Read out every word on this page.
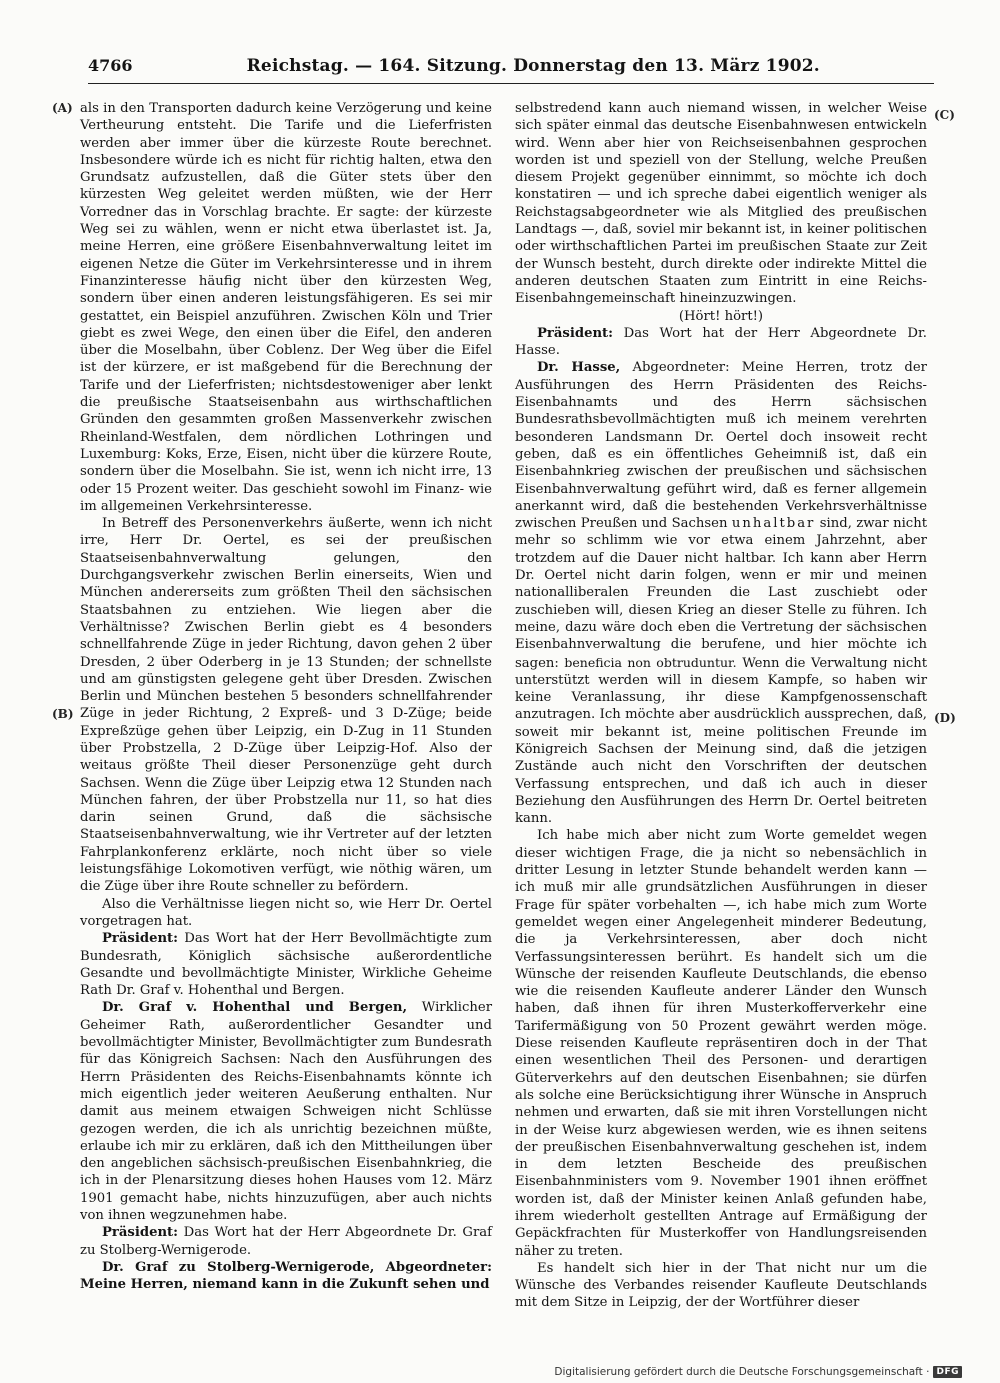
4766	Reichstag. — 164. Sitzung. Donnerstag den 13. März 1902.
(A)
(B)
(C)
(D)

als in den Transporten dadurch keine Verzögerung und keine Vertheurung entsteht. Die Tarife und die Lieferfristen werden aber immer über die kürzeste Route berechnet. Insbesondere würde ich es nicht für richtig halten, etwa den Grundsatz aufzustellen, daß die Güter stets über den kürzesten Weg geleitet werden müßten, wie der Herr Vorredner das in Vorschlag brachte. Er sagte: der kürzeste Weg sei zu wählen, wenn er nicht etwa überlastet ist. Ja, meine Herren, eine größere Eisenbahnverwaltung leitet im eigenen Netze die Güter im Verkehrsinteresse und in ihrem Finanzinteresse häufig nicht über den kürzesten Weg, sondern über einen anderen leistungsfähigeren. Es sei mir gestattet, ein Beispiel anzuführen. Zwischen Köln und Trier giebt es zwei Wege, den einen über die Eifel, den anderen über die Moselbahn, über Coblenz. Der Weg über die Eifel ist der kürzere, er ist maßgebend für die Berechnung der Tarife und der Lieferfristen; nichtsdestoweniger aber lenkt die preußische Staatseisenbahn aus wirthschaftlichen Gründen den gesammten großen Massenverkehr zwischen Rheinland-Westfalen, dem nördlichen Lothringen und Luxemburg: Koks, Erze, Eisen, nicht über die kürzere Route, sondern über die Moselbahn. Sie ist, wenn ich nicht irre, 13 oder 15 Prozent weiter. Das geschieht sowohl im Finanz- wie im allgemeinen Verkehrsinteresse.

In Betreff des Personenverkehrs äußerte, wenn ich nicht irre, Herr Dr. Oertel, es sei der preußischen Staatseisenbahnverwaltung gelungen, den Durchgangsverkehr zwischen Berlin einerseits, Wien und München andererseits zum größten Theil den sächsischen Staatsbahnen zu entziehen. Wie liegen aber die Verhältnisse? Zwischen Berlin giebt es 4 besonders schnellfahrende Züge in jeder Richtung, davon gehen 2 über Dresden, 2 über Oderberg in je 13 Stunden; der schnellste und am günstigsten gelegene geht über Dresden. Zwischen Berlin und München bestehen 5 besonders schnellfahrender Züge in jeder Richtung, 2 Expreß- und 3 D-Züge; beide Expreßzüge gehen über Leipzig, ein D-Zug in 11 Stunden über Probstzella, 2 D-Züge über Leipzig-Hof. Also der weitaus größte Theil dieser Personenzüge geht durch Sachsen. Wenn die Züge über Leipzig etwa 12 Stunden nach München fahren, der über Probstzella nur 11, so hat dies darin seinen Grund, daß die sächsische Staatseisenbahnverwaltung, wie ihr Vertreter auf der letzten Fahrplankonferenz erklärte, noch nicht über so viele leistungsfähige Lokomotiven verfügt, wie nöthig wären, um die Züge über ihre Route schneller zu befördern.

Also die Verhältnisse liegen nicht so, wie Herr Dr. Oertel vorgetragen hat.

Präsident: Das Wort hat der Herr Bevollmächtigte zum Bundesrath, Königlich sächsische außerordentliche Gesandte und bevollmächtigte Minister, Wirkliche Geheime Rath Dr. Graf v. Hohenthal und Bergen.

Dr. Graf v. Hohenthal und Bergen, Wirklicher Geheimer Rath, außerordentlicher Gesandter und bevollmächtigter Minister, Bevollmächtigter zum Bundesrath für das Königreich Sachsen: Nach den Ausführungen des Herrn Präsidenten des Reichs-Eisenbahnamts könnte ich mich eigentlich jeder weiteren Aeußerung enthalten. Nur damit aus meinem etwaigen Schweigen nicht Schlüsse gezogen werden, die ich als unrichtig bezeichnen müßte, erlaube ich mir zu erklären, daß ich den Mittheilungen über den angeblichen sächsisch-preußischen Eisenbahnkrieg, die ich in der Plenarsitzung dieses hohen Hauses vom 12. März 1901 gemacht habe, nichts hinzuzufügen, aber auch nichts von ihnen wegzunehmen habe.

Präsident: Das Wort hat der Herr Abgeordnete Dr. Graf zu Stolberg-Wernigerode.

Dr. Graf zu Stolberg-Wernigerode, Abgeordneter: Meine Herren, niemand kann in die Zukunft sehen und

selbstredend kann auch niemand wissen, in welcher Weise sich später einmal das deutsche Eisenbahnwesen entwickeln wird. Wenn aber hier von Reichseisenbahnen gesprochen worden ist und speziell von der Stellung, welche Preußen diesem Projekt gegenüber einnimmt, so möchte ich doch konstatiren — und ich spreche dabei eigentlich weniger als Reichstagsabgeordneter wie als Mitglied des preußischen Landtags —, daß, soviel mir bekannt ist, in keiner politischen oder wirthschaftlichen Partei im preußischen Staate zur Zeit der Wunsch besteht, durch direkte oder indirekte Mittel die anderen deutschen Staaten zum Eintritt in eine Reichs-Eisenbahngemeinschaft hineinzuzwingen.

(Hört! hört!)

Präsident: Das Wort hat der Herr Abgeordnete Dr. Hasse.

Dr. Hasse, Abgeordneter: Meine Herren, trotz der Ausführungen des Herrn Präsidenten des Reichs-Eisenbahnamts und des Herrn sächsischen Bundesrathsbevollmächtigten muß ich meinem verehrten besonderen Landsmann Dr. Oertel doch insoweit recht geben, daß es ein öffentliches Geheimniß ist, daß ein Eisenbahnkrieg zwischen der preußischen und sächsischen Eisenbahnverwaltung geführt wird, daß es ferner allgemein anerkannt wird, daß die bestehenden Verkehrsverhältnisse zwischen Preußen und Sachsen unhaltbar sind, zwar nicht mehr so schlimm wie vor etwa einem Jahrzehnt, aber trotzdem auf die Dauer nicht haltbar. Ich kann aber Herrn Dr. Oertel nicht darin folgen, wenn er mir und meinen nationalliberalen Freunden die Last zuschiebt oder zuschieben will, diesen Krieg an dieser Stelle zu führen. Ich meine, dazu wäre doch eben die Vertretung der sächsischen Eisenbahnverwaltung die berufene, und hier möchte ich sagen: beneficia non obtruduntur. Wenn die Verwaltung nicht unterstützt werden will in diesem Kampfe, so haben wir keine Veranlassung, ihr diese Kampfgenossenschaft anzutragen. Ich möchte aber ausdrücklich aussprechen, daß, soweit mir bekannt ist, meine politischen Freunde im Königreich Sachsen der Meinung sind, daß die jetzigen Zustände auch nicht den Vorschriften der deutschen Verfassung entsprechen, und daß ich auch in dieser Beziehung den Ausführungen des Herrn Dr. Oertel beitreten kann.

Ich habe mich aber nicht zum Worte gemeldet wegen dieser wichtigen Frage, die ja nicht so nebensächlich in dritter Lesung in letzter Stunde behandelt werden kann — ich muß mir alle grundsätzlichen Ausführungen in dieser Frage für später vorbehalten —, ich habe mich zum Worte gemeldet wegen einer Angelegenheit minderer Bedeutung, die ja Verkehrsinteressen, aber doch nicht Verfassungsinteressen berührt. Es handelt sich um die Wünsche der reisenden Kaufleute Deutschlands, die ebenso wie die reisenden Kaufleute anderer Länder den Wunsch haben, daß ihnen für ihren Musterkofferverkehr eine Tarifermäßigung von 50 Prozent gewährt werden möge. Diese reisenden Kaufleute repräsentiren doch in der That einen wesentlichen Theil des Personen- und derartigen Güterverkehrs auf den deutschen Eisenbahnen; sie dürfen als solche eine Berücksichtigung ihrer Wünsche in Anspruch nehmen und erwarten, daß sie mit ihren Vorstellungen nicht in der Weise kurz abgewiesen werden, wie es ihnen seitens der preußischen Eisenbahnverwaltung geschehen ist, indem in dem letzten Bescheide des preußischen Eisenbahnministers vom 9. November 1901 ihnen eröffnet worden ist, daß der Minister keinen Anlaß gefunden habe, ihrem wiederholt gestellten Antrage auf Ermäßigung der Gepäckfrachten für Musterkoffer von Handlungsreisenden näher zu treten.

Es handelt sich hier in der That nicht nur um die Wünsche des Verbandes reisender Kaufleute Deutschlands mit dem Sitze in Leipzig, der der Wortführer dieser

Digitalisierung gefördert durch die Deutsche Forschungsgemeinschaft · DFG
